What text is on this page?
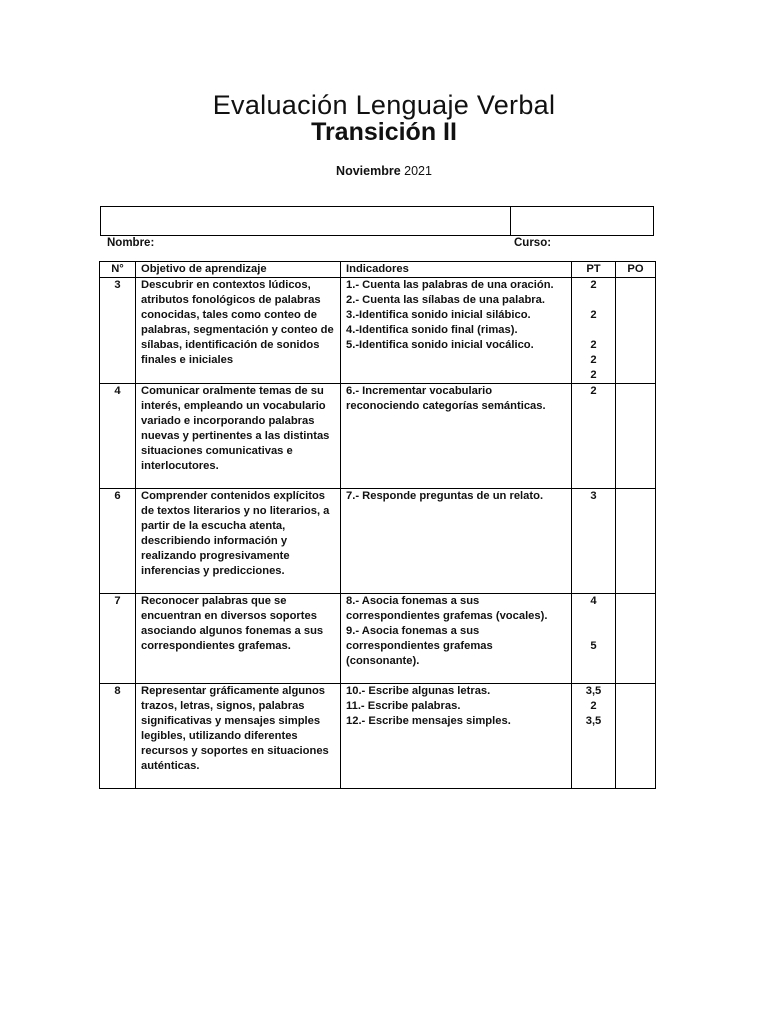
Evaluación Lenguaje Verbal
Transición II
Noviembre 2021
Nombre:	Curso:
N°	Objetivo de aprendizaje	Indicadores	PT	PO
3	Descubrir en contextos lúdicos, atributos fonológicos de palabras conocidas, tales como conteo de palabras, segmentación y conteo de sílabas, identificación de sonidos finales e iniciales	1.- Cuenta las palabras de una oración.
2.- Cuenta las sílabas de una palabra.
3.-Identifica sonido inicial silábico.
4.-Identifica sonido final (rimas).
5.-Identifica sonido inicial vocálico.	2
2
2
2
2	

4	Comunicar oralmente temas de su interés, empleando un vocabulario variado e incorporando palabras nuevas y pertinentes a las distintas situaciones comunicativas e interlocutores.	6.- Incrementar vocabulario reconociendo categorías semánticas.	2	

6	Comprender contenidos explícitos de textos literarios y no literarios, a partir de la escucha atenta, describiendo información y realizando progresivamente inferencias y predicciones.	7.- Responde preguntas de un relato.	3	

7	Reconocer palabras que se encuentran en diversos soportes asociando algunos fonemas a sus correspondientes grafemas.	8.- Asocia fonemas a sus correspondientes grafemas (vocales).
9.- Asocia fonemas a sus correspondientes grafemas (consonante).	4
5	

8	Representar gráficamente algunos trazos, letras, signos, palabras significativas y mensajes simples legibles, utilizando diferentes recursos y soportes en situaciones auténticas.	10.- Escribe algunas letras.
11.- Escribe palabras.
12.- Escribe mensajes simples.	3,5
2
3,5	
